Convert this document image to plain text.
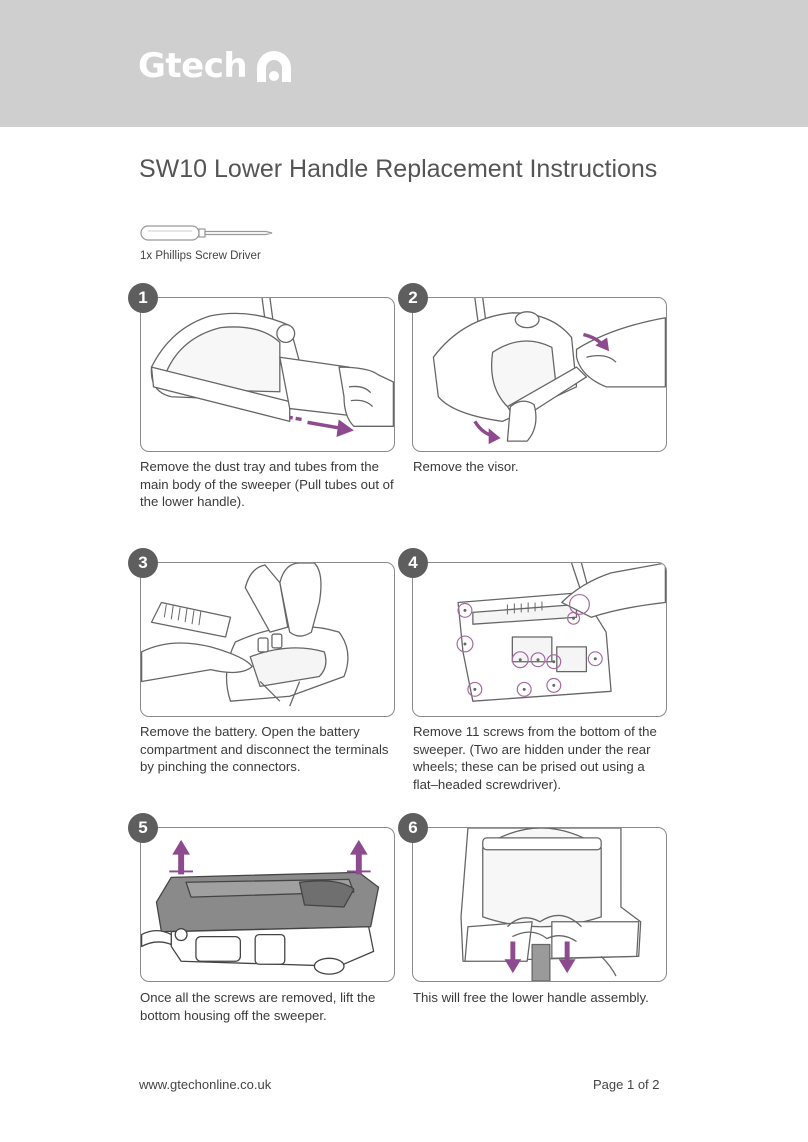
Gtech
SW10 Lower Handle Replacement Instructions
1x Phillips Screw Driver
1
Remove the dust tray and tubes from the main body of the sweeper (Pull tubes out of the lower handle).
2
Remove the visor.
3
Remove the battery. Open the battery compartment and disconnect the terminals by pinching the connectors.
4
Remove 11 screws from the bottom of the sweeper. (Two are hidden under the rear wheels; these can be prised out using a flat–headed screwdriver).
5
Once all the screws are removed, lift the bottom housing off the sweeper.
6
This will free the lower handle assembly.
www.gtechonline.co.uk	Page 1 of 2
